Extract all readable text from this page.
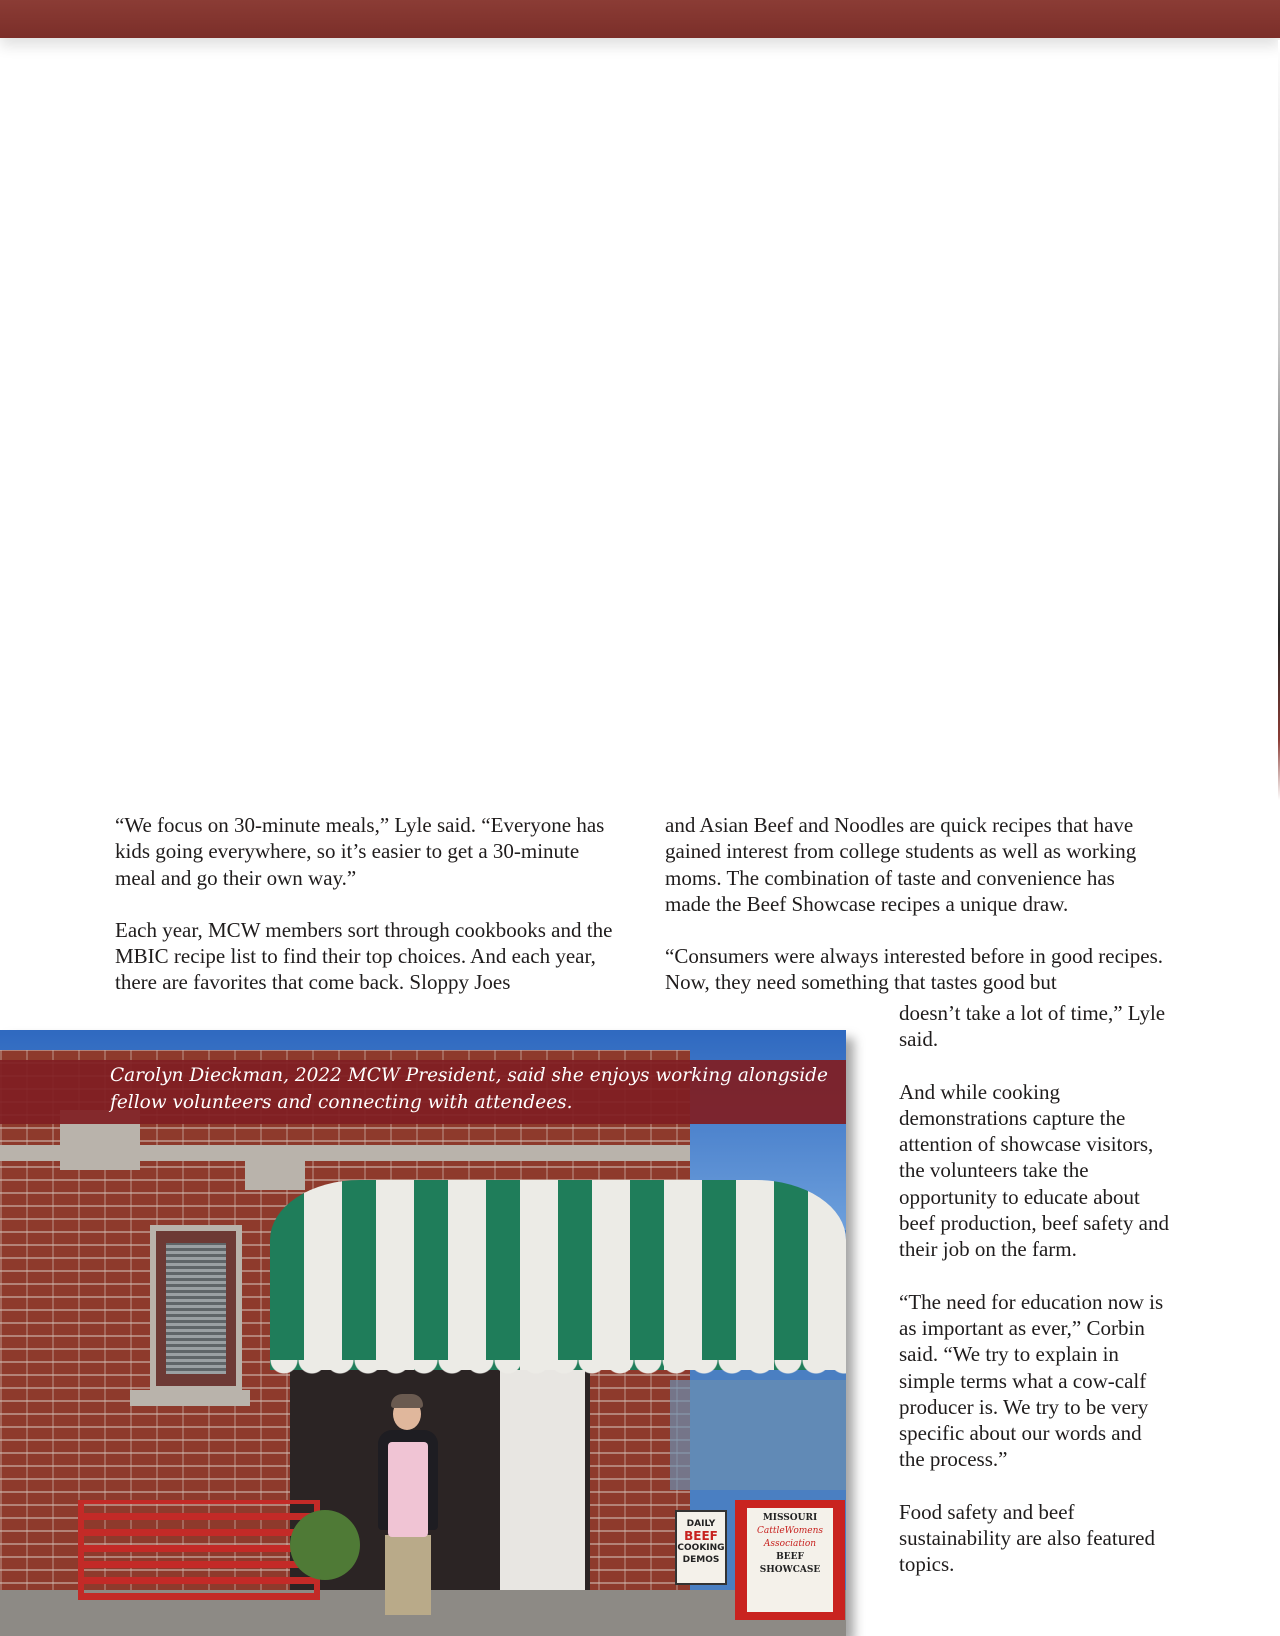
“We focus on 30-minute meals,” Lyle said. “Everyone has kids going everywhere, so it’s easier to get a 30-minute meal and go their own way.”

Each year, MCW members sort through cookbooks and the MBIC recipe list to find their top choices. And each year, there are favorites that come back. Sloppy Joes

and Asian Beef and Noodles are quick recipes that have gained interest from college students as well as working moms. The combination of taste and convenience has made the Beef Showcase recipes a unique draw.

“Consumers were always interested before in good recipes. Now, they need something that tastes good but

doesn’t take a lot of time,” Lyle said.

And while cooking demonstrations capture the attention of showcase visitors, the volunteers take the opportunity to educate about beef production, beef safety and their job on the farm.

“The need for education now is as important as ever,” Corbin said. “We try to explain in simple terms what a cow-calf producer is. We try to be very specific about our words and the process.”

Food safety and beef sustainability are also featured topics.

DAILY
BEEF
COOKING
DEMOS
MISSOURI
CattleWomens Association
BEEF
SHOWCASE
Carolyn Dieckman, 2022 MCW President, said she enjoys working alongside fellow volunteers and connecting with attendees.
